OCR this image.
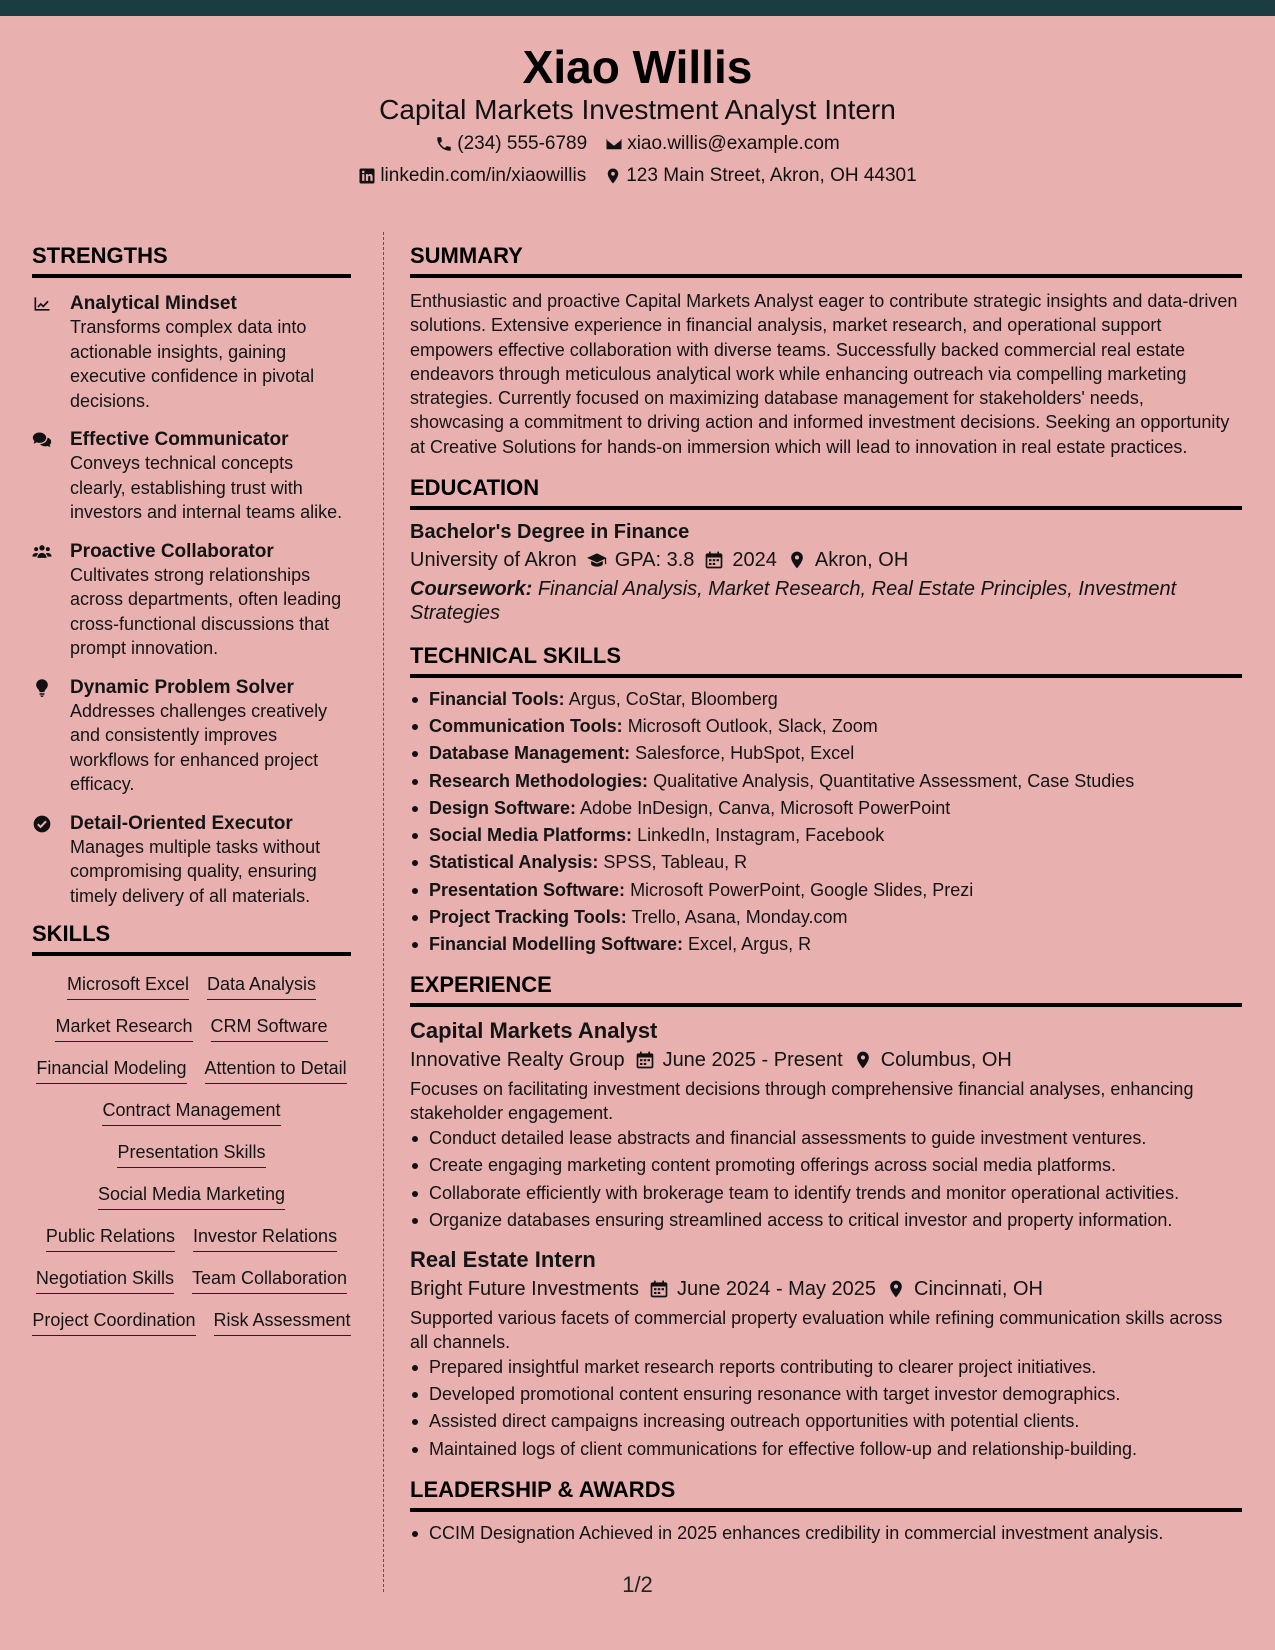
Xiao Willis
Capital Markets Investment Analyst Intern
(234) 555-6789 xiao.willis@example.com
linkedin.com/in/xiaowillis 123 Main Street, Akron, OH 44301
STRENGTHS
Analytical Mindset
Transforms complex data into actionable insights, gaining executive confidence in pivotal decisions.
Effective Communicator
Conveys technical concepts clearly, establishing trust with investors and internal teams alike.
Proactive Collaborator
Cultivates strong relationships across departments, often leading cross-functional discussions that prompt innovation.
Dynamic Problem Solver
Addresses challenges creatively and consistently improves workflows for enhanced project efficacy.
Detail-Oriented Executor
Manages multiple tasks without compromising quality, ensuring timely delivery of all materials.
SKILLS
Microsoft Excel Data Analysis
Market Research CRM Software
Financial Modeling Attention to Detail
Contract Management
Presentation Skills
Social Media Marketing
Public Relations Investor Relations
Negotiation Skills Team Collaboration
Project Coordination Risk Assessment
SUMMARY
Enthusiastic and proactive Capital Markets Analyst eager to contribute strategic insights and data-driven solutions. Extensive experience in financial analysis, market research, and operational support empowers effective collaboration with diverse teams. Successfully backed commercial real estate endeavors through meticulous analytical work while enhancing outreach via compelling marketing strategies. Currently focused on maximizing database management for stakeholders' needs, showcasing a commitment to driving action and informed investment decisions. Seeking an opportunity at Creative Solutions for hands-on immersion which will lead to innovation in real estate practices.
EDUCATION
Bachelor's Degree in Finance
University of Akron GPA: 3.8 2024 Akron, OH
Coursework: Financial Analysis, Market Research, Real Estate Principles, Investment Strategies
TECHNICAL SKILLS
Financial Tools: Argus, CoStar, Bloomberg
Communication Tools: Microsoft Outlook, Slack, Zoom
Database Management: Salesforce, HubSpot, Excel
Research Methodologies: Qualitative Analysis, Quantitative Assessment, Case Studies
Design Software: Adobe InDesign, Canva, Microsoft PowerPoint
Social Media Platforms: LinkedIn, Instagram, Facebook
Statistical Analysis: SPSS, Tableau, R
Presentation Software: Microsoft PowerPoint, Google Slides, Prezi
Project Tracking Tools: Trello, Asana, Monday.com
Financial Modelling Software: Excel, Argus, R
EXPERIENCE
Capital Markets Analyst
Innovative Realty Group June 2025 - Present Columbus, OH
Focuses on facilitating investment decisions through comprehensive financial analyses, enhancing stakeholder engagement.
Conduct detailed lease abstracts and financial assessments to guide investment ventures.
Create engaging marketing content promoting offerings across social media platforms.
Collaborate efficiently with brokerage team to identify trends and monitor operational activities.
Organize databases ensuring streamlined access to critical investor and property information.
Real Estate Intern
Bright Future Investments June 2024 - May 2025 Cincinnati, OH
Supported various facets of commercial property evaluation while refining communication skills across all channels.
Prepared insightful market research reports contributing to clearer project initiatives.
Developed promotional content ensuring resonance with target investor demographics.
Assisted direct campaigns increasing outreach opportunities with potential clients.
Maintained logs of client communications for effective follow-up and relationship-building.
LEADERSHIP & AWARDS
CCIM Designation Achieved in 2025 enhances credibility in commercial investment analysis.
1/2
